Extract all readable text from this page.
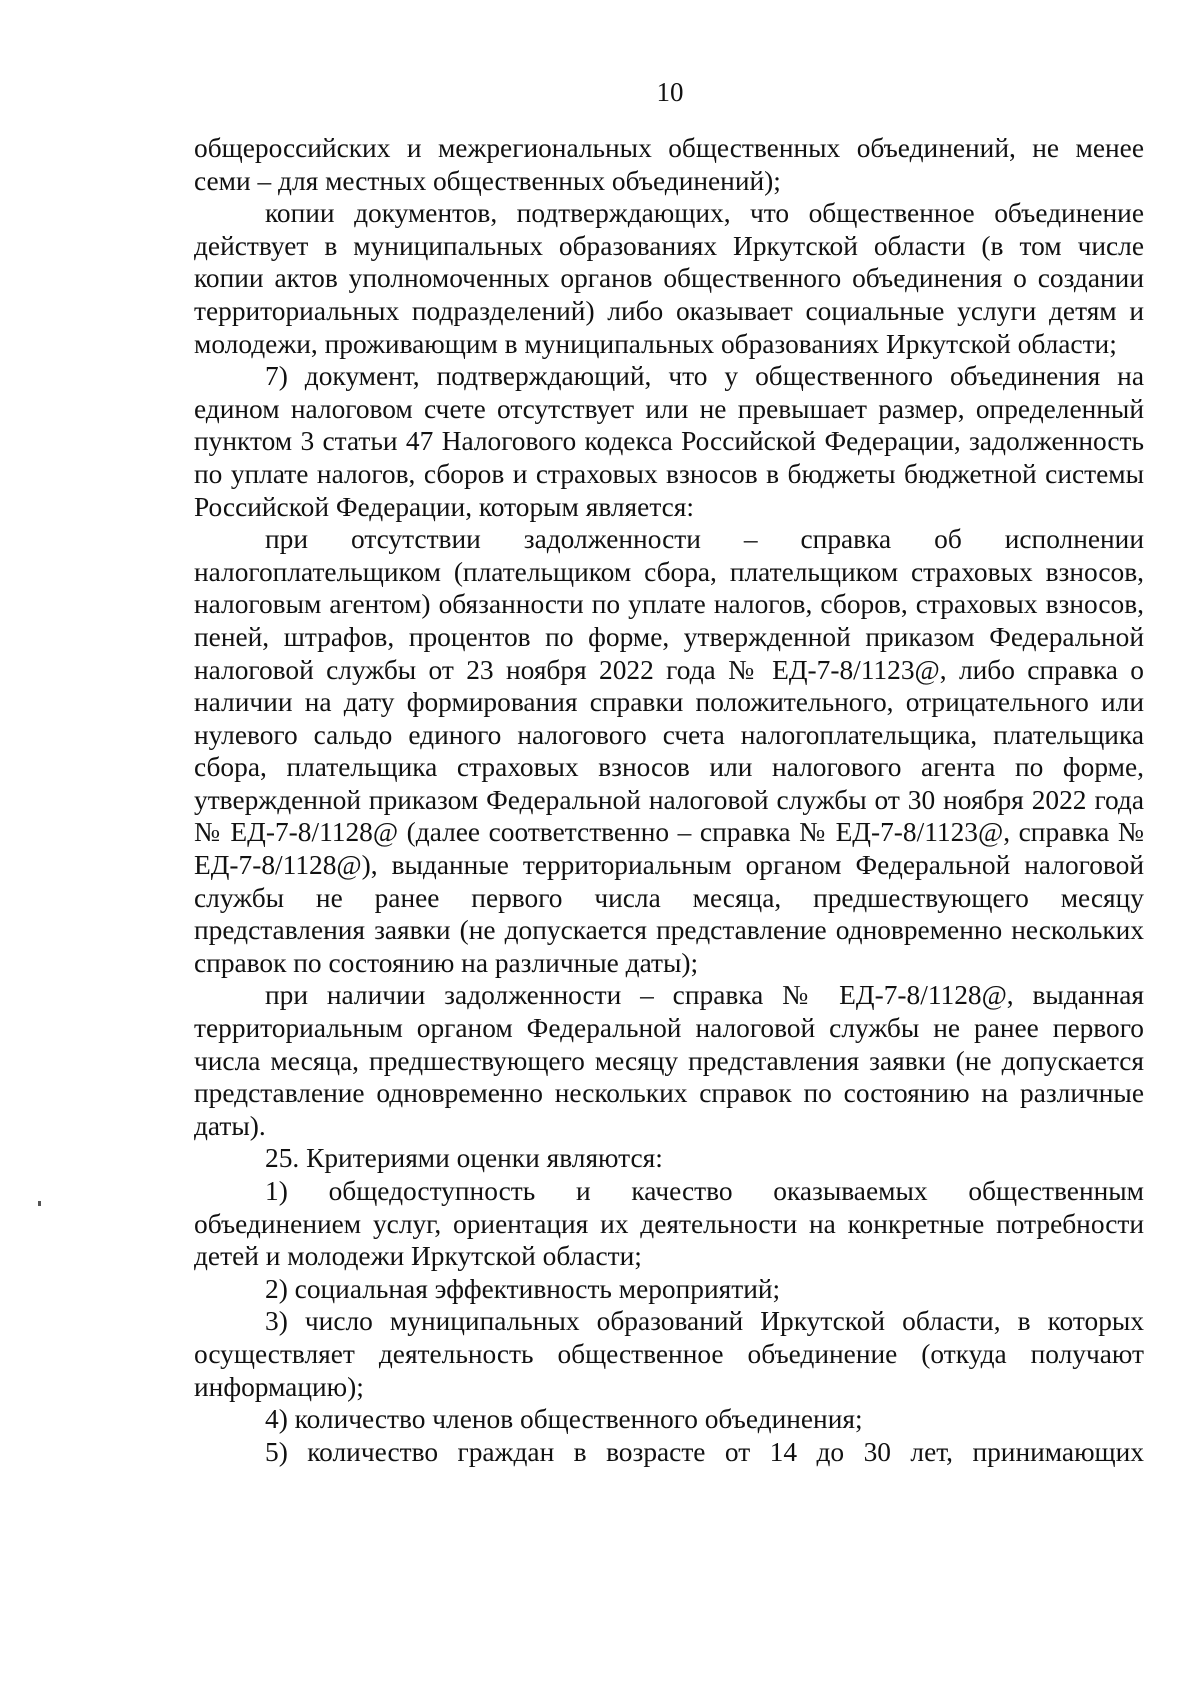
10

общероссийских и межрегиональных общественных объединений, не менее семи – для местных общественных объединений);

копии документов, подтверждающих, что общественное объединение действует в муниципальных образованиях Иркутской области (в том числе копии актов уполномоченных органов общественного объединения о создании территориальных подразделений) либо оказывает социальные услуги детям и молодежи, проживающим в муниципальных образованиях Иркутской области;

7) документ, подтверждающий, что у общественного объединения на едином налоговом счете отсутствует или не превышает размер, определенный пунктом 3 статьи 47 Налогового кодекса Российской Федерации, задолженность по уплате налогов, сборов и страховых взносов в бюджеты бюджетной системы Российской Федерации, которым является:

при отсутствии задолженности – справка об исполнении налогоплательщиком (плательщиком сбора, плательщиком страховых взносов, налоговым агентом) обязанности по уплате налогов, сборов, страховых взносов, пеней, штрафов, процентов по форме, утвержденной приказом Федеральной налоговой службы от 23 ноября 2022 года № ЕД-7-8/1123@, либо справка о наличии на дату формирования справки положительного, отрицательного или нулевого сальдо единого налогового счета налогоплательщика, плательщика сбора, плательщика страховых взносов или налогового агента по форме, утвержденной приказом Федеральной налоговой службы от 30 ноября 2022 года № ЕД-7-8/1128@ (далее соответственно – справка № ЕД-7-8/1123@, справка № ЕД-7-8/1128@), выданные территориальным органом Федеральной налоговой службы не ранее первого числа месяца, предшествующего месяцу представления заявки (не допускается представление одновременно нескольких справок по состоянию на различные даты);

при наличии задолженности – справка № ЕД-7-8/1128@, выданная территориальным органом Федеральной налоговой службы не ранее первого числа месяца, предшествующего месяцу представления заявки (не допускается представление одновременно нескольких справок по состоянию на различные даты).

25. Критериями оценки являются:

1) общедоступность и качество оказываемых общественным объединением услуг, ориентация их деятельности на конкретные потребности детей и молодежи Иркутской области;

2) социальная эффективность мероприятий;

3) число муниципальных образований Иркутской области, в которых осуществляет деятельность общественное объединение (откуда получают информацию);

4) количество членов общественного объединения;

5) количество граждан в возрасте от 14 до 30 лет, принимающих
